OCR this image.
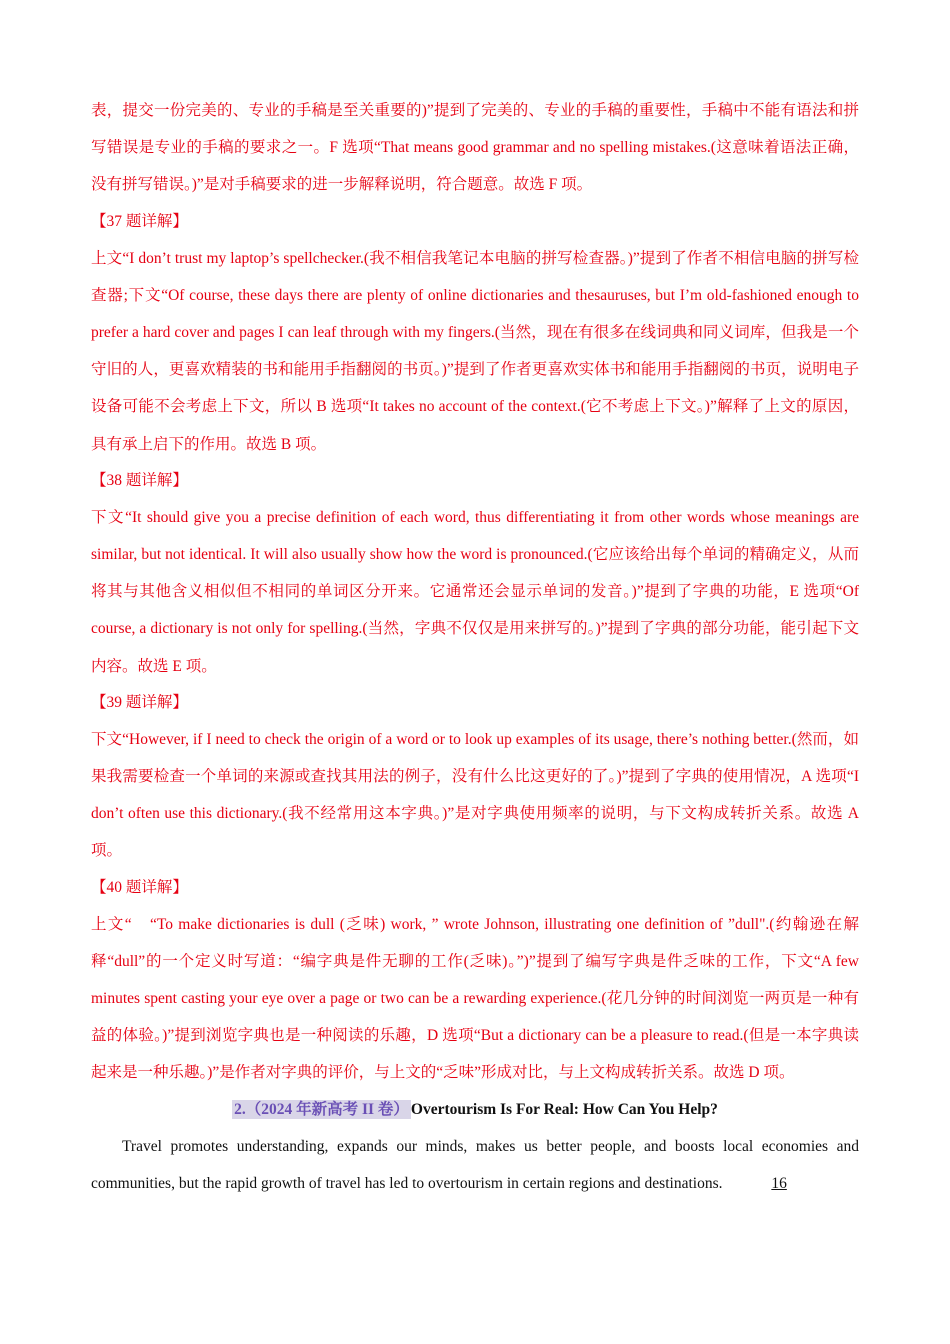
表，提交一份完美的、专业的手稿是至关重要的)”提到了完美的、专业的手稿的重要性，手稿中不能有语法和拼写错误是专业的手稿的要求之一。F 选项“That means good grammar and no spelling mistakes.(这意味着语法正确，没有拼写错误。)”是对手稿要求的进一步解释说明，符合题意。故选 F 项。

【37 题详解】

上文“I don’t trust my laptop’s spellchecker.(我不相信我笔记本电脑的拼写检查器。)”提到了作者不相信电脑的拼写检查器;下文“Of course, these days there are plenty of online dictionaries and thesauruses, but I’m old-fashioned enough to prefer a hard cover and pages I can leaf through with my fingers.(当然，现在有很多在线词典和同义词库，但我是一个守旧的人，更喜欢精装的书和能用手指翻阅的书页。)”提到了作者更喜欢实体书和能用手指翻阅的书页，说明电子设备可能不会考虑上下文，所以 B 选项“It takes no account of the context.(它不考虑上下文。)”解释了上文的原因，具有承上启下的作用。故选 B 项。

【38 题详解】

下文“It should give you a precise definition of each word, thus differentiating it from other words whose meanings are similar, but not identical. It will also usually show how the word is pronounced.(它应该给出每个单词的精确定义，从而将其与其他含义相似但不相同的单词区分开来。它通常还会显示单词的发音。)”提到了字典的功能，E 选项“Of course, a dictionary is not only for spelling.(当然，字典不仅仅是用来拼写的。)”提到了字典的部分功能，能引起下文内容。故选 E 项。

【39 题详解】

下文“However, if I need to check the origin of a word or to look up examples of its usage, there’s nothing better.(然而，如果我需要检查一个单词的来源或查找其用法的例子，没有什么比这更好的了。)”提到了字典的使用情况，A 选项“I don’t often use this dictionary.(我不经常用这本字典。)”是对字典使用频率的说明，与下文构成转折关系。故选 A 项。

【40 题详解】

上文“　“To make dictionaries is dull (乏味) work, ” wrote Johnson, illustrating one definition of ”dull".(约翰逊在解释“dull”的一个定义时写道：“编字典是件无聊的工作(乏味)。”)”提到了编写字典是件乏味的工作，下文“A few minutes spent casting your eye over a page or two can be a rewarding experience.(花几分钟的时间浏览一两页是一种有益的体验。)”提到浏览字典也是一种阅读的乐趣，D 选项“But a dictionary can be a pleasure to read.(但是一本字典读起来是一种乐趣。)”是作者对字典的评价，与上文的“乏味”形成对比，与上文构成转折关系。故选 D 项。

2.（2024 年新高考 II 卷） Overtourism Is For Real: How Can You Help?

Travel promotes understanding, expands our minds, makes us better people, and boosts local economies and communities, but the rapid growth of travel has led to overtourism in certain regions and destinations.	16
